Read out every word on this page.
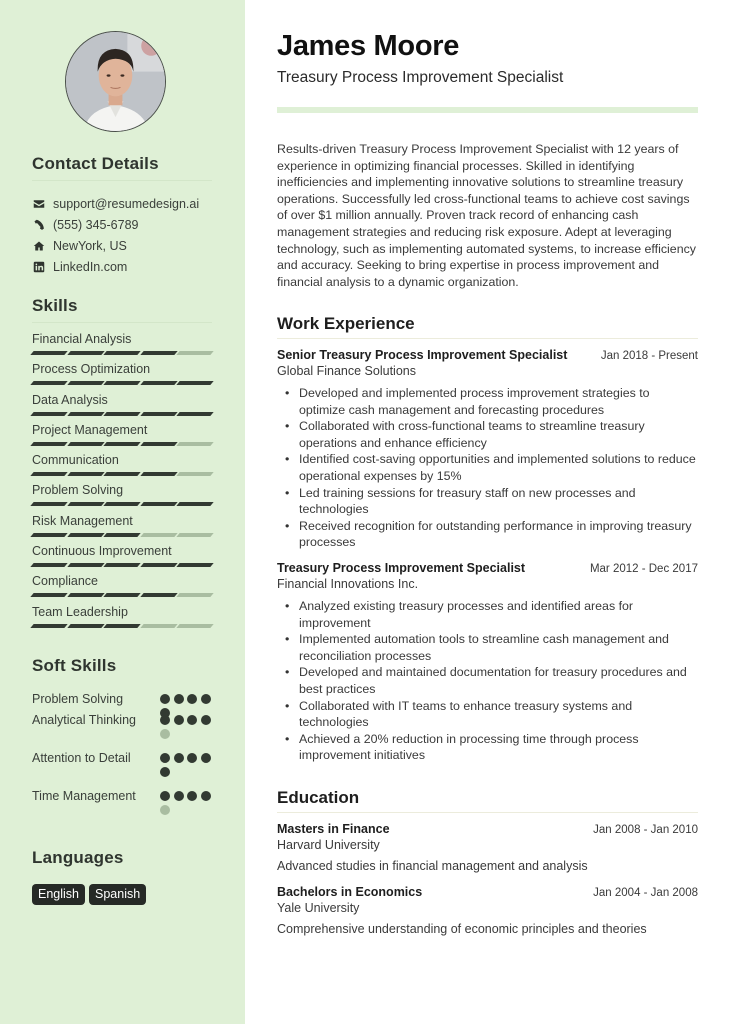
Contact Details
support@resumedesign.ai
(555) 345-6789
NewYork, US
LinkedIn.com
Skills
Financial Analysis
Process Optimization
Data Analysis
Project Management
Communication
Problem Solving
Risk Management
Continuous Improvement
Compliance
Team Leadership
Soft Skills
Problem Solving
Analytical Thinking
Attention to Detail
Time Management
Languages
English	Spanish
James Moore
Treasury Process Improvement Specialist

Results-driven Treasury Process Improvement Specialist with 12 years of experience in optimizing financial processes. Skilled in identifying inefficiencies and implementing innovative solutions to streamline treasury operations. Successfully led cross-functional teams to achieve cost savings of over $1 million annually. Proven track record of enhancing cash management strategies and reducing risk exposure. Adept at leveraging technology, such as implementing automated systems, to increase efficiency and accuracy. Seeking to bring expertise in process improvement and financial analysis to a dynamic organization.

Work Experience
Senior Treasury Process Improvement Specialist	Jan 2018 - Present
Global Finance Solutions
• Developed and implemented process improvement strategies to optimize cash management and forecasting procedures
• Collaborated with cross-functional teams to streamline treasury operations and enhance efficiency
• Identified cost-saving opportunities and implemented solutions to reduce operational expenses by 15%
• Led training sessions for treasury staff on new processes and technologies
• Received recognition for outstanding performance in improving treasury processes
Treasury Process Improvement Specialist	Mar 2012 - Dec 2017
Financial Innovations Inc.
• Analyzed existing treasury processes and identified areas for improvement
• Implemented automation tools to streamline cash management and reconciliation processes
• Developed and maintained documentation for treasury procedures and best practices
• Collaborated with IT teams to enhance treasury systems and technologies
• Achieved a 20% reduction in processing time through process improvement initiatives
Education
Masters in Finance	Jan 2008 - Jan 2010
Harvard University
Advanced studies in financial management and analysis
Bachelors in Economics	Jan 2004 - Jan 2008
Yale University
Comprehensive understanding of economic principles and theories
